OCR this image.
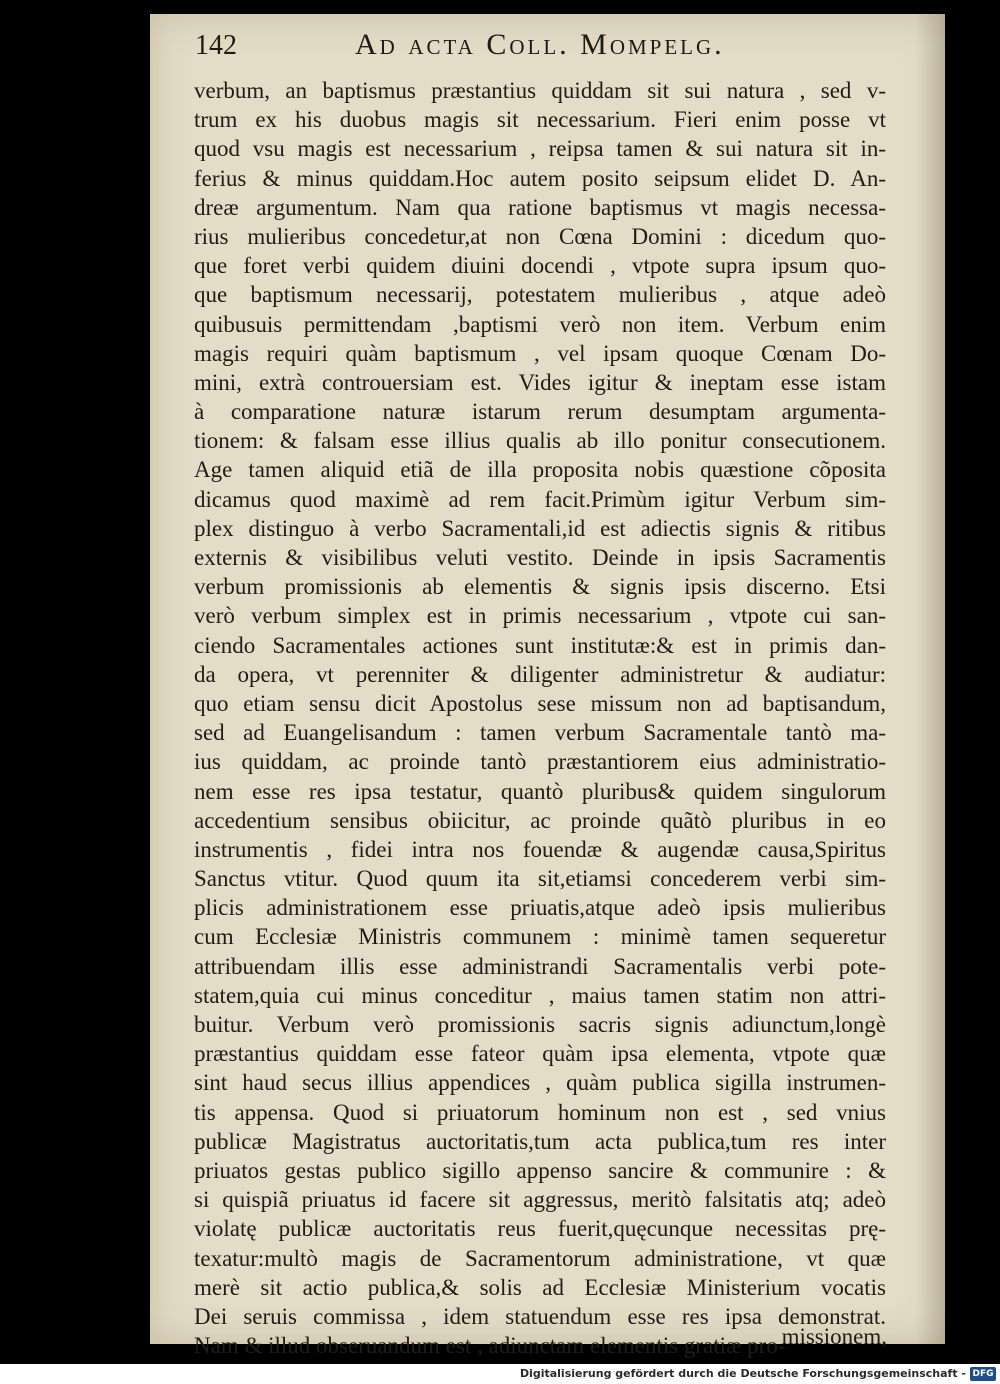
142	Ad acta Coll. Mompelg.
verbum, an baptismus præstantius quiddam sit sui natura , sed v-
trum ex his duobus magis sit necessarium. Fieri enim posse vt
quod vsu magis est necessarium , reipsa tamen & sui natura sit in-
ferius & minus quiddam.Hoc autem posito seipsum elidet D. An-
dreæ argumentum. Nam qua ratione baptismus vt magis necessa-
rius mulieribus concedetur,at non Cœna Domini : dicedum quo-
que foret verbi quidem diuini docendi , vtpote supra ipsum quo-
que baptismum necessarij, potestatem mulieribus , atque adeò
quibusuis permittendam ,baptismi verò non item. Verbum enim
magis requiri quàm baptismum , vel ipsam quoque Cœnam Do-
mini, extrà controuersiam est. Vides igitur & ineptam esse istam
à comparatione naturæ istarum rerum desumptam argumenta-
tionem: & falsam esse illius qualis ab illo ponitur consecutionem.
Age tamen aliquid etiã de illa proposita nobis quæstione cõposita
dicamus quod maximè ad rem facit.Primùm igitur Verbum sim-
plex distinguo à verbo Sacramentali,id est adiectis signis & ritibus
externis & visibilibus veluti vestito. Deinde in ipsis Sacramentis
verbum promissionis ab elementis & signis ipsis discerno. Etsi
verò verbum simplex est in primis necessarium , vtpote cui san-
ciendo Sacramentales actiones sunt institutæ:& est in primis dan-
da opera, vt perenniter & diligenter administretur & audiatur:
quo etiam sensu dicit Apostolus sese missum non ad baptisandum,
sed ad Euangelisandum : tamen verbum Sacramentale tantò ma-
ius quiddam, ac proinde tantò præstantiorem eius administratio-
nem esse res ipsa testatur, quantò pluribus& quidem singulorum
accedentium sensibus obiicitur, ac proinde quãtò pluribus in eo
instrumentis , fidei intra nos fouendæ & augendæ causa,Spiritus
Sanctus vtitur. Quod quum ita sit,etiamsi concederem verbi sim-
plicis administrationem esse priuatis,atque adeò ipsis mulieribus
cum Ecclesiæ Ministris communem : minimè tamen sequeretur
attribuendam illis esse administrandi Sacramentalis verbi pote-
statem,quia cui minus conceditur , maius tamen statim non attri-
buitur. Verbum verò promissionis sacris signis adiunctum,longè
præstantius quiddam esse fateor quàm ipsa elementa, vtpote quæ
sint haud secus illius appendices , quàm publica sigilla instrumen-
tis appensa. Quod si priuatorum hominum non est , sed vnius
publicæ Magistratus auctoritatis,tum acta publica,tum res inter
priuatos gestas publico sigillo appenso sancire & communire : &
si quispiã priuatus id facere sit aggressus, meritò falsitatis atq; adeò
violatę publicæ auctoritatis reus fuerit,quęcunque necessitas prę-
texatur:multò magis de Sacramentorum administratione, vt quæ
merè sit actio publica,& solis ad Ecclesiæ Ministerium vocatis
Dei seruis commissa , idem statuendum esse res ipsa demonstrat.
Nam & illud obseruandum est , adiunctam elementis gratiæ pro-
missionem,
Digitalisierung gefördert durch die Deutsche Forschungsgemeinschaft - DFG
